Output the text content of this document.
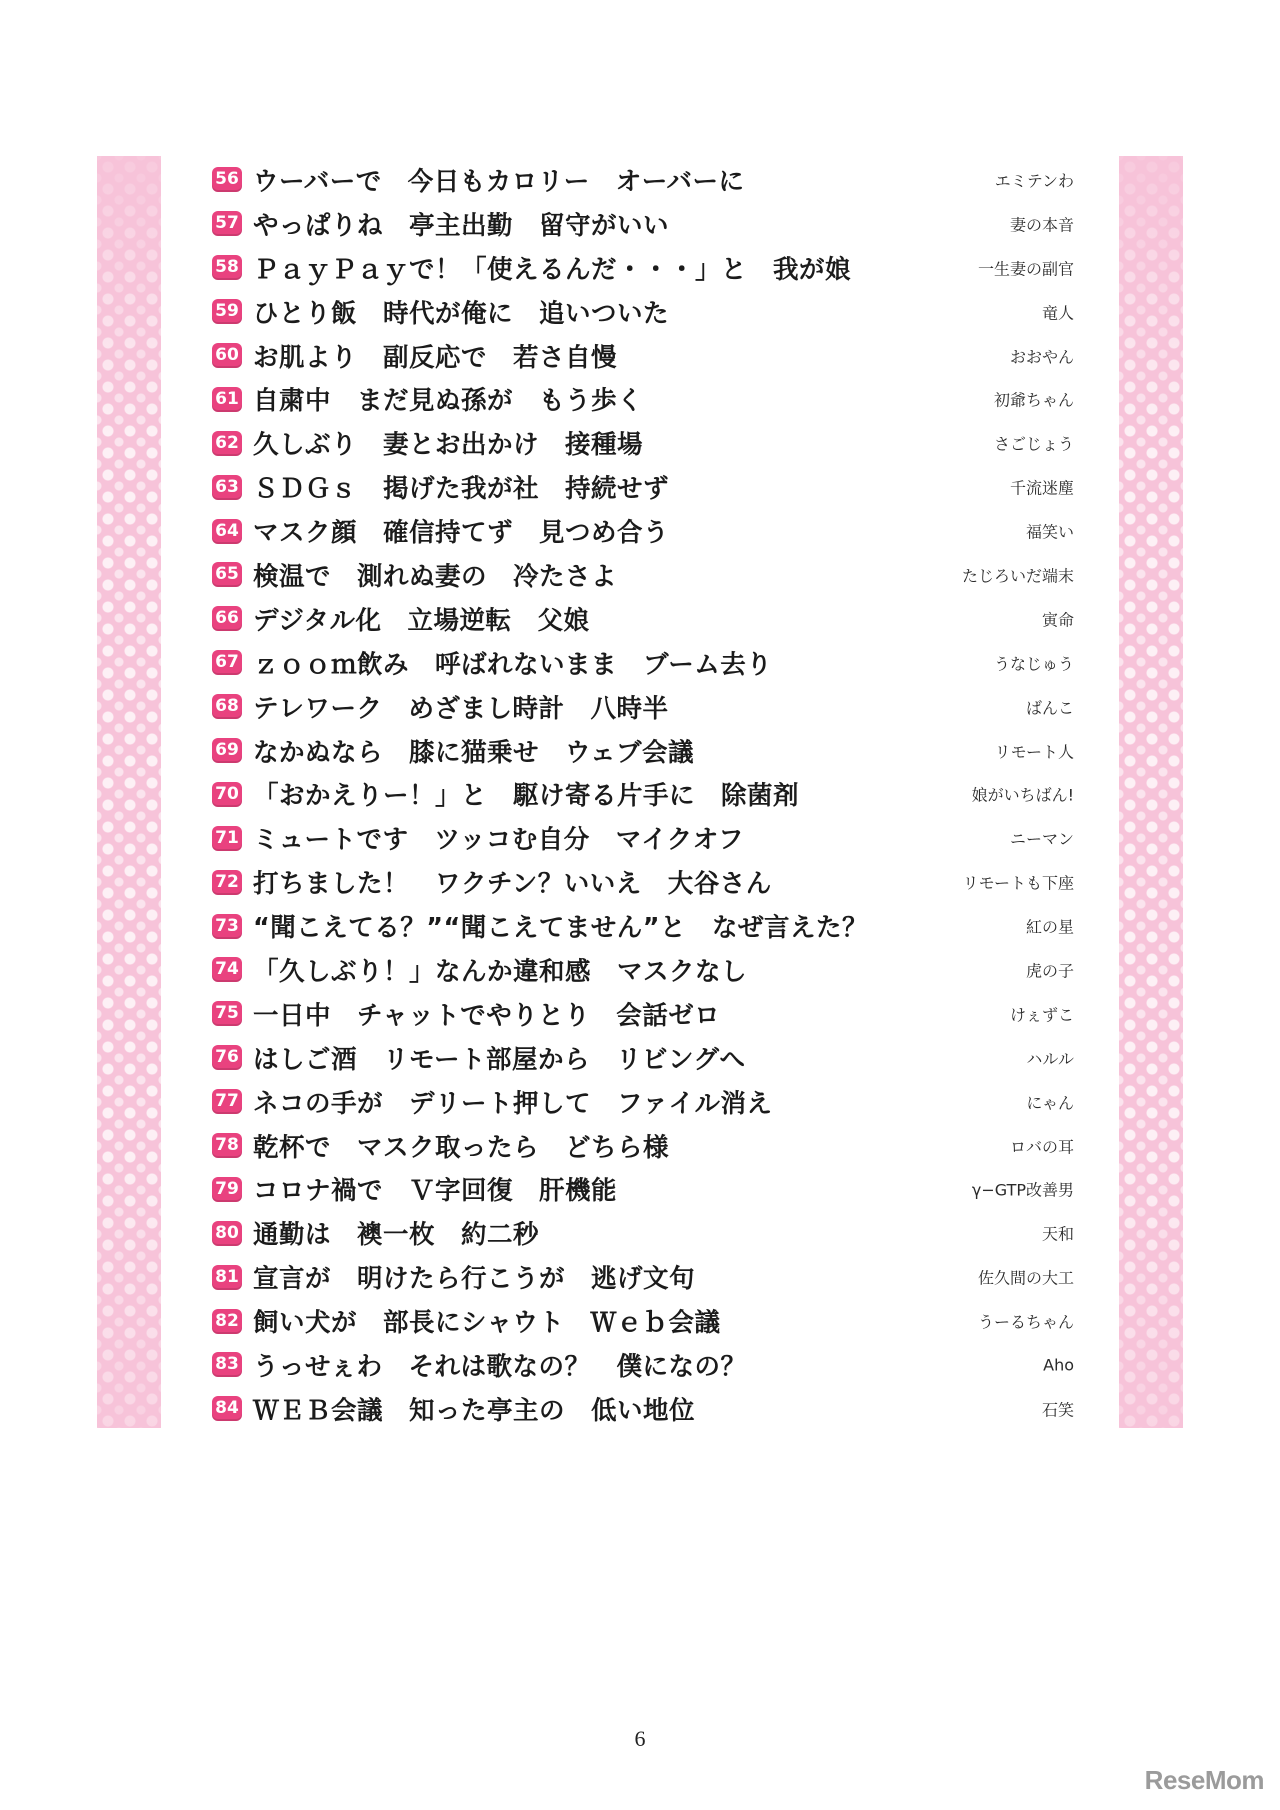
56 ウーバーで　今日もカロリー　オーバーに	エミテンわ
57 やっぱりね　亭主出勤　留守がいい	妻の本音
58 ＰａｙＰａｙで！「使えるんだ・・・」と　我が娘	一生妻の副官
59 ひとり飯　時代が俺に　追いついた	竜人
60 お肌より　副反応で　若さ自慢	おおやん
61 自粛中　まだ見ぬ孫が　もう歩く	初爺ちゃん
62 久しぶり　妻とお出かけ　接種場	さごじょう
63 ＳＤＧｓ　掲げた我が社　持続せず	千流迷塵
64 マスク顔　確信持てず　見つめ合う	福笑い
65 検温で　測れぬ妻の　冷たさよ	たじろいだ端末
66 デジタル化　立場逆転　父娘	寅命
67 ｚｏｏｍ飲み　呼ばれないまま　ブーム去り	うなじゅう
68 テレワーク　めざまし時計　八時半	ばんこ
69 なかぬなら　膝に猫乗せ　ウェブ会議	リモート人
70 「おかえりー！」と　駆け寄る片手に　除菌剤	娘がいちばん!
71 ミュートです　ツッコむ自分　マイクオフ	ニーマン
72 打ちました！　ワクチン？いいえ　大谷さん	リモートも下座
73 “聞こえてる？”“聞こえてません”と　なぜ言えた？	紅の星
74 「久しぶり！」なんか違和感　マスクなし	虎の子
75 一日中　チャットでやりとり　会話ゼロ	けぇずこ
76 はしご酒　リモート部屋から　リビングへ	ハルル
77 ネコの手が　デリート押して　ファイル消え	にゃん
78 乾杯で　マスク取ったら　どちら様	ロバの耳
79 コロナ禍で　Ｖ字回復　肝機能	γ−GTP改善男
80 通勤は　襖一枚　約二秒	天和
81 宣言が　明けたら行こうが　逃げ文句	佐久間の大工
82 飼い犬が　部長にシャウト　Ｗｅｂ会議	うーるちゃん
83 うっせぇわ　それは歌なの？　僕になの？	Aho
84 ＷＥＢ会議　知った亭主の　低い地位	石笑
6
ReseMom
